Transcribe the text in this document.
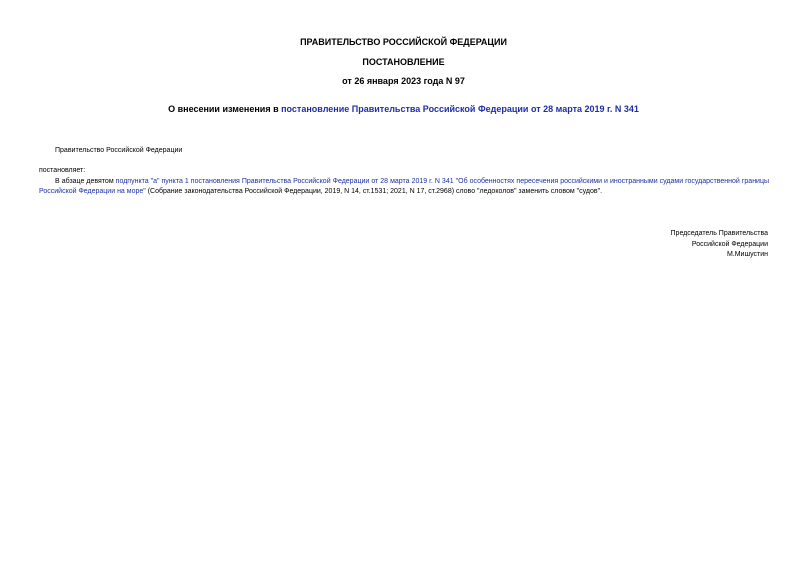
ПРАВИТЕЛЬСТВО РОССИЙСКОЙ ФЕДЕРАЦИИ
ПОСТАНОВЛЕНИЕ
от 26 января 2023 года N 97
О внесении изменения в постановление Правительства Российской Федерации от 28 марта 2019 г. N 341
Правительство Российской Федерации
постановляет:
В абзаце девятом подпункта "а" пункта 1 постановления Правительства Российской Федерации от 28 марта 2019 г. N 341 "Об особенностях пересечения российскими и иностранными судами государственной границы Российской Федерации на море" (Собрание законодательства Российской Федерации, 2019, N 14, ст.1531; 2021, N 17, ст.2968) слово "ледоколов" заменить словом "судов".
Председатель Правительства
Российской Федерации
М.Мишустин
